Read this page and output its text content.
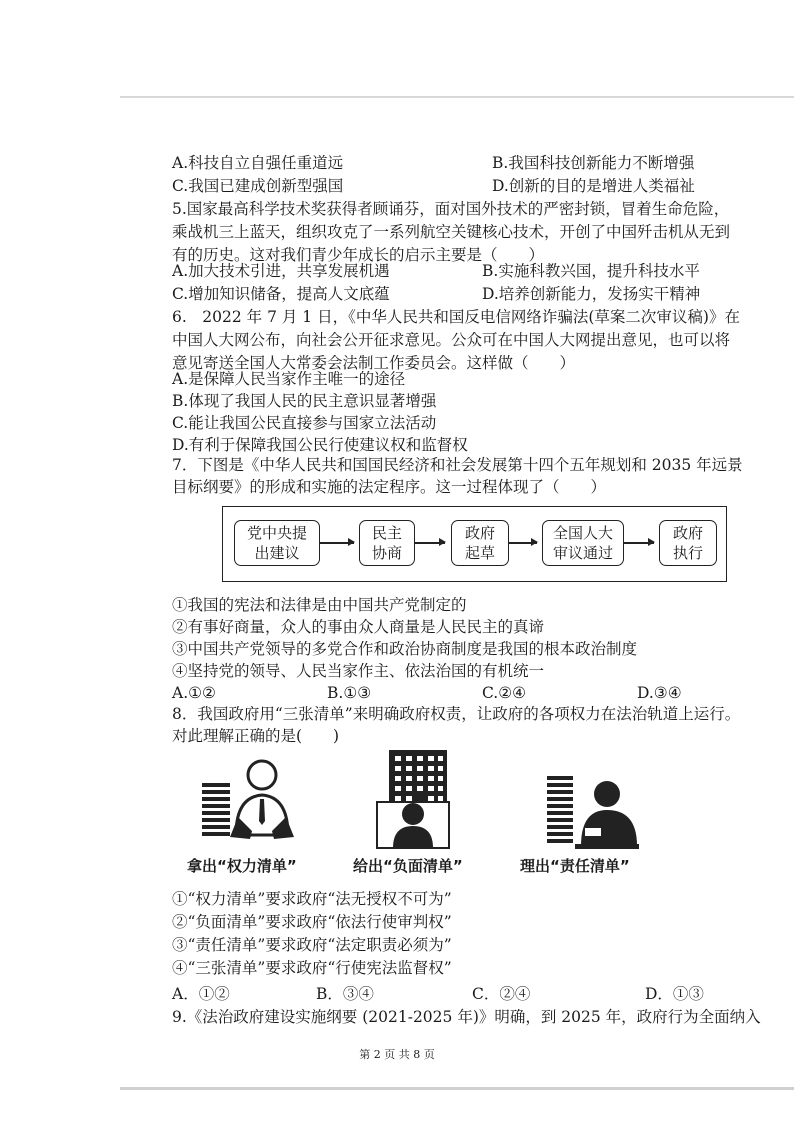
A.科技自立自强任重道远	B.我国科技创新能力不断增强
C.我国已建成创新型强国	D.创新的目的是增进人类福祉
5.国家最高科学技术奖获得者顾诵芬，面对国外技术的严密封锁，冒着生命危险，
乘战机三上蓝天，组织攻克了一系列航空关键核心技术，开创了中国歼击机从无到
有的历史。这对我们青少年成长的启示主要是（　　）
A.加大技术引进，共享发展机遇	B.实施科教兴国，提升科技水平
C.增加知识储备，提高人文底蕴	D.培养创新能力，发扬实干精神
6.　2022 年 7 月 1 日，《中华人民共和国反电信网络诈骗法(草案二次审议稿)》在
中国人大网公布，向社会公开征求意见。公众可在中国人大网提出意见，也可以将
意见寄送全国人大常委会法制工作委员会。这样做（　　）
A.是保障人民当家作主唯一的途径
B.体现了我国人民的民主意识显著增强
C.能让我国公民直接参与国家立法活动
D.有利于保障我国公民行使建议权和监督权
7．下图是《中华人民共和国国民经济和社会发展第十四个五年规划和 2035 年远景
目标纲要》的形成和实施的法定程序。这一过程体现了（　　）
党中央提
出建议
民主
协商
政府
起草
全国人大
审议通过
政府
执行
①我国的宪法和法律是由中国共产党制定的
②有事好商量，众人的事由众人商量是人民民主的真谛
③中国共产党领导的多党合作和政治协商制度是我国的根本政治制度
④坚持党的领导、人民当家作主、依法治国的有机统一
A.①②	B.①③	C.②④	D.③④
8．我国政府用“三张清单”来明确政府权责，让政府的各项权力在法治轨道上运行。
对此理解正确的是(　　)
拿出“权力清单”	给出“负面清单”	理出“责任清单”
①“权力清单”要求政府“法无授权不可为”
②“负面清单”要求政府“依法行使审判权”
③“责任清单”要求政府“法定职责必须为”
④“三张清单”要求政府“行使宪法监督权”
A．①②	B．③④	C．②④	D．①③
9.《法治政府建设实施纲要 (2021-2025 年)》明确，到 2025 年，政府行为全面纳入
第 2 页 共 8 页
